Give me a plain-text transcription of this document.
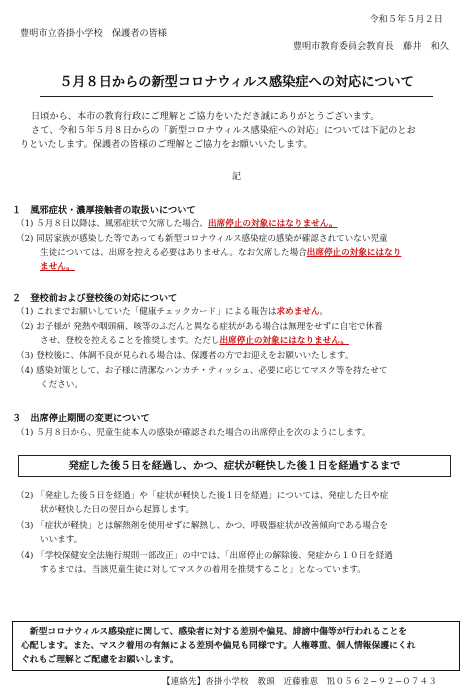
令和５年５月２日

豊明市立沓掛小学校　保護者の皆様

豊明市教育委員会教育長　藤井　和久

５月８日からの新型コロナウィルス感染症への対応について

日頃から、本市の教育行政にご理解とご協力をいただき誠にありがとうございます。

さて、令和５年５月８日からの「新型コロナウィルス感染症への対応」については下記のとお

りといたします。保護者の皆様のご理解とご協力をお願いいたします。

記

１　風邪症状・濃厚接触者の取扱いについて

（1) ５月８日以降は、風邪症状で欠席した場合、出席停止の対象にはなりません。

（2) 同居家族が感染した等であっても新型コロナウィルス感染症の感染が確認されていない児童

生徒については、出席を控える必要はありません。なお欠席した場合出席停止の対象にはなり

ません。

２　登校前および登校後の対応について

（1) これまでお願いしていた「健康チェックカード」による報告は求めません。

（2) お子様が 発熱や咽頭痛、咳等のふだんと異なる症状がある場合は無理をせずに自宅で休養

させ、登校を控えることを推奨します。ただし出席停止の対象にはなりません。

（3) 登校後に、体調不良が見られる場合は、保護者の方でお迎えをお願いいたします。

（4) 感染対策として、お子様に清潔なハンカチ・ティッシュ、必要に応じてマスク等を持たせて

ください。

３　出席停止期間の変更について

（1) ５月８日から、児童生徒本人の感染が確認された場合の出席停止を次のようにします。

発症した後５日を経過し、かつ、症状が軽快した後１日を経過するまで

（2) 「発症した後５日を経過」や「症状が軽快した後１日を経過」については、発症した日や症

状が軽快した日の翌日から起算します。

（3) 「症状が軽快」とは解熱剤を使用せずに解熱し、かつ、呼吸器症状が改善傾向である場合を

いいます。

（4) 「学校保健安全法施行規則一部改正」の中では、「出席停止の解除後、発症から１０日を経過

するまでは、当該児童生徒に対してマスクの着用を推奨すること」となっています。

新型コロナウィルス感染症に関して、感染者に対する差別や偏見、誹謗中傷等が行われることを

心配します。また、マスク着用の有無による差別や偏見も同様です。人権尊重、個人情報保護にくれ

ぐれもご理解とご配慮をお願いします。

【連絡先】沓掛小学校　教頭　近藤雅恵　℡０５６２−９２−０７４３
